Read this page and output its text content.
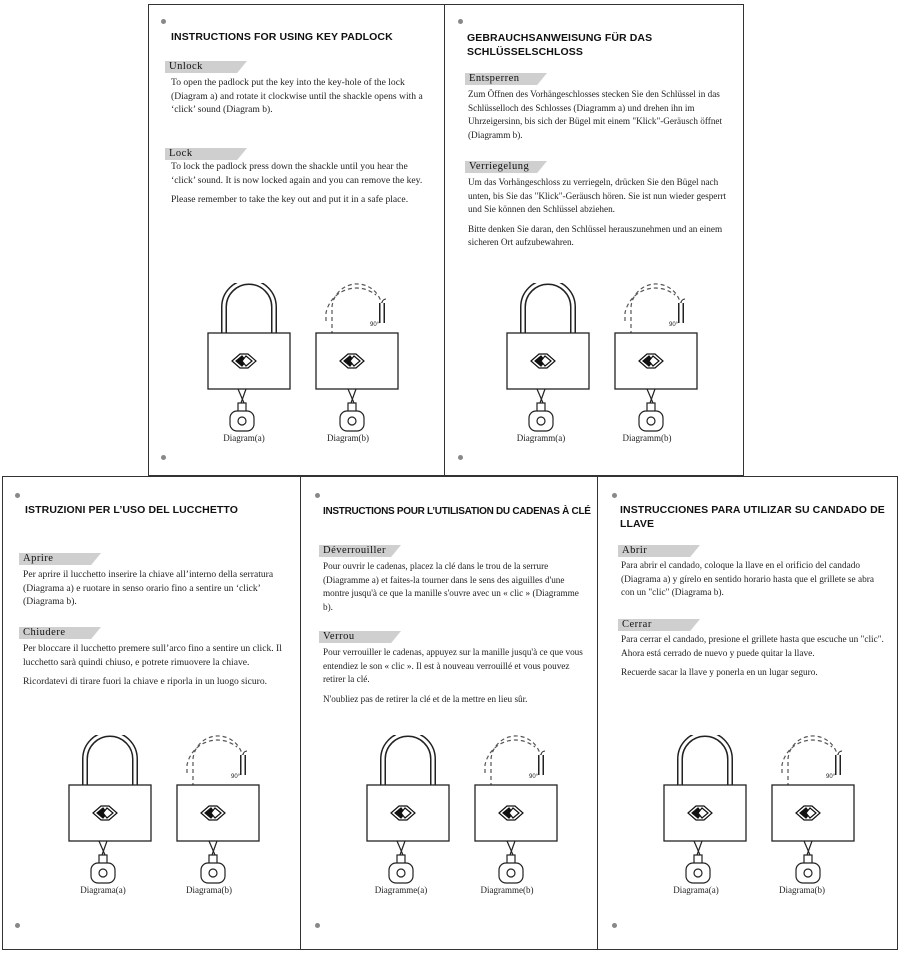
INSTRUCTIONS FOR USING KEY PADLOCK
Unlock

To open the padlock put the key into the key-hole of the lock (Diagram a) and rotate it clockwise until the shackle opens with a ‘click’ sound (Diagram b).

Lock

To lock the padlock press down the shackle until you hear the ‘click’ sound. It is now locked again and you can remove the key.

Please remember to take the key out and put it in a safe place.

90°
Diagram(a)	Diagram(b)
GEBRAUCHSANWEISUNG FÜR DAS SCHLÜSSELSCHLOSS
Entsperren

Zum Öffnen des Vorhängeschlosses stecken Sie den Schlüssel in das Schlüsselloch des Schlosses (Diagramm a) und drehen ihn im Uhrzeigersinn, bis sich der Bügel mit einem "Klick"-Geräusch öffnet (Diagramm b).

Verriegelung

Um das Vorhängeschloss zu verriegeln, drücken Sie den Bügel nach unten, bis Sie das "Klick"-Geräusch hören. Sie ist nun wieder gesperrt und Sie können den Schlüssel abziehen.

Bitte denken Sie daran, den Schlüssel herauszunehmen und an einem sicheren Ort aufzubewahren.

90°
Diagramm(a)	Diagramm(b)
ISTRUZIONI PER L’USO DEL LUCCHETTO
Aprire

Per aprire il lucchetto inserire la chiave all’interno della serratura (Diagrama a) e ruotare in senso orario fino a sentire un ‘click’ (Diagrama b).

Chiudere

Per bloccare il lucchetto premere sull’arco fino a sentire un click. Il lucchetto sarà quindi chiuso, e potrete rimuovere la chiave.

Ricordatevi di tirare fuori la chiave e riporla in un luogo sicuro.

90°
Diagrama(a)	Diagrama(b)
INSTRUCTIONS POUR L’UTILISATION DU CADENAS À CLÉ
Déverrouiller

Pour ouvrir le cadenas, placez la clé dans le trou de la serrure (Diagramme a) et faites-la tourner dans le sens des aiguilles d'une montre jusqu'à ce que la manille s'ouvre avec un « clic » (Diagramme b).

Verrou

Pour verrouiller le cadenas, appuyez sur la manille jusqu'à ce que vous entendiez le son « clic ». Il est à nouveau verrouillé et vous pouvez retirer la clé.

N'oubliez pas de retirer la clé et de la mettre en lieu sûr.

90°
Diagramme(a)	Diagramme(b)
INSTRUCCIONES PARA UTILIZAR SU CANDADO DE LLAVE
Abrir

Para abrir el candado, coloque la llave en el orificio del candado (Diagrama a) y gírelo en sentido horario hasta que el grillete se abra con un "clic" (Diagrama b).

Cerrar

Para cerrar el candado, presione el grillete hasta que escuche un "clic". Ahora está cerrado de nuevo y puede quitar la llave.

Recuerde sacar la llave y ponerla en un lugar seguro.

90°
Diagrama(a)	Diagrama(b)
